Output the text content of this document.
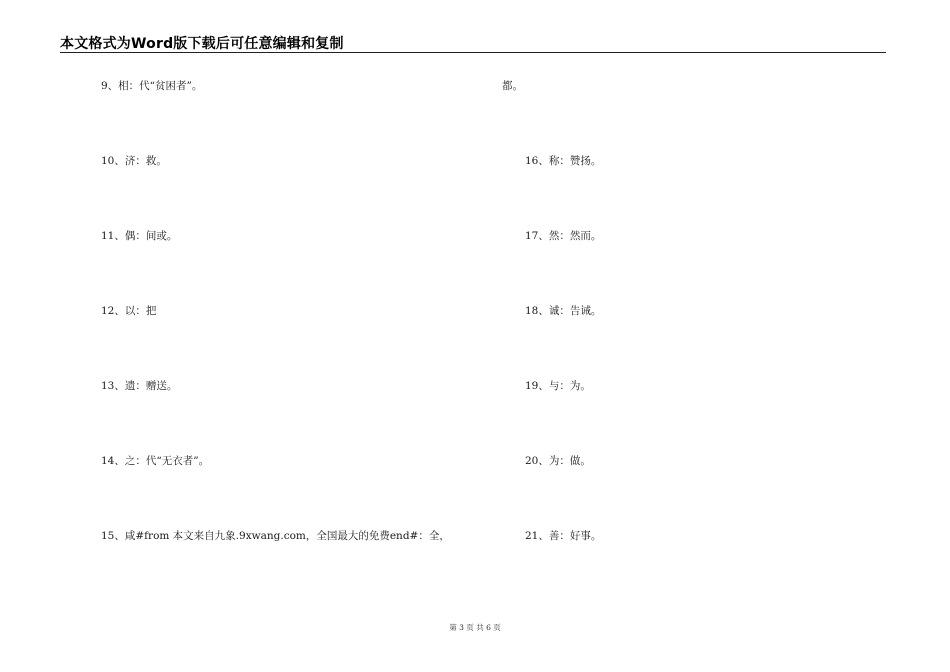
本文格式为Word版下载后可任意编辑和复制
9、相：代“贫困者”。
10、济：救。
11、偶：间或。
12、以：把
13、遗：赠送。
14、之：代“无衣者”。
15、咸#from 本文来自九象.9xwang.com，全国最大的免费end#：全，
都。
16、称：赞扬。
17、然：然而。
18、诚：告诫。
19、与：为。
20、为：做。
21、善：好事。
第 3 页 共 6 页
